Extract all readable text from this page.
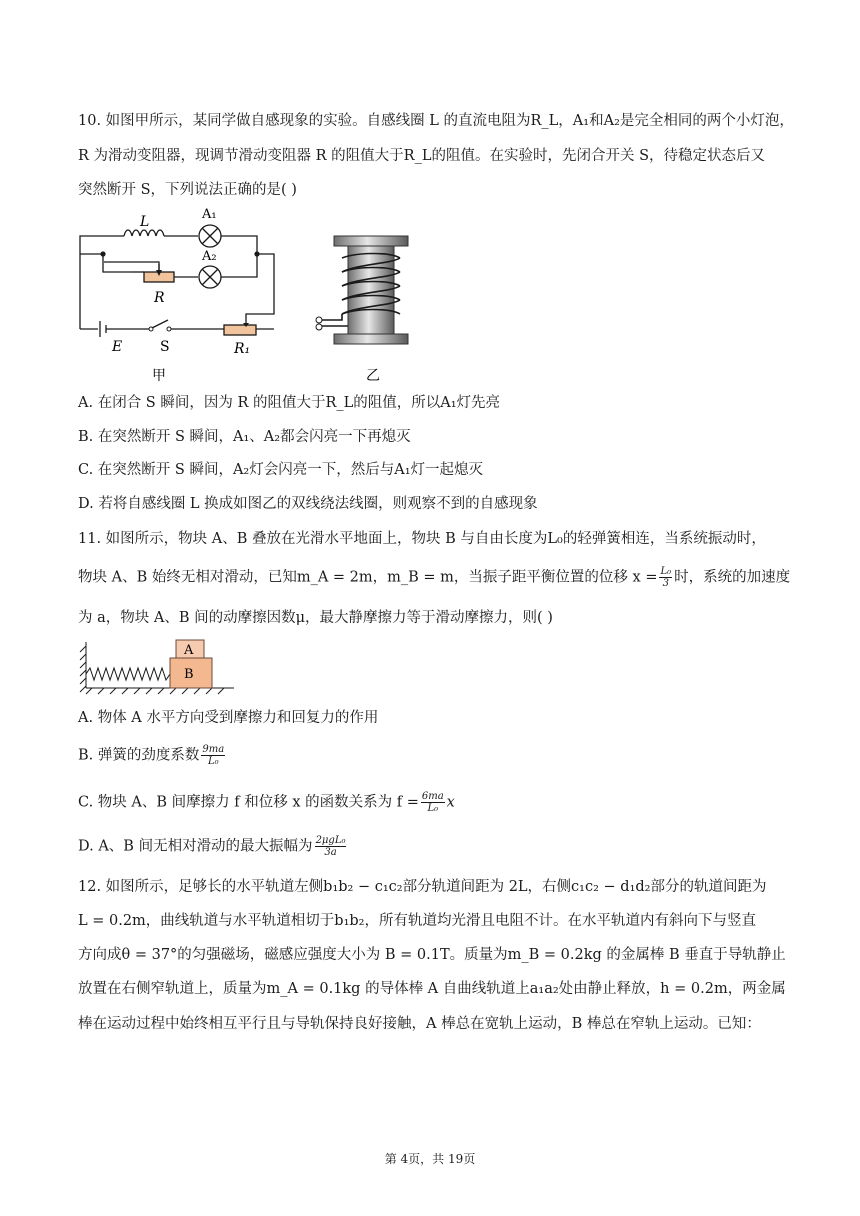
10. 如图甲所示，某同学做自感现象的实验。自感线圈 L 的直流电阻为R_L，A₁和A₂是完全相同的两个小灯泡，
R 为滑动变阻器，现调节滑动变阻器 R 的阻值大于R_L的阻值。在实验时，先闭合开关 S，待稳定状态后又
突然断开 S，下列说法正确的是( )
L	A₁
A₂
R
E	S	R₁
甲	乙
A. 在闭合 S 瞬间，因为 R 的阻值大于R_L的阻值，所以A₁灯先亮
B. 在突然断开 S 瞬间，A₁、A₂都会闪亮一下再熄灭
C. 在突然断开 S 瞬间，A₂灯会闪亮一下，然后与A₁灯一起熄灭
D. 若将自感线圈 L 换成如图乙的双线绕法线圈，则观察不到的自感现象
11. 如图所示，物块 A、B 叠放在光滑水平地面上，物块 B 与自由长度为L₀的轻弹簧相连，当系统振动时，
物块 A、B 始终无相对滑动，已知m_A = 2m，m_B = m，当振子距平衡位置的位移 $x = \frac{\text{L₀}}{3}$ 时，系统的加速度
为 a，物块 A、B 间的动摩擦因数μ，最大静摩擦力等于滑动摩擦力，则( )
A
B
A. 物体 A 水平方向受到摩擦力和回复力的作用
B. 弹簧的劲度系数 $\frac{9ma}{\text{L₀}}$
C. 物块 A、B 间摩擦力 f 和位移 x 的函数关系为 $f = \frac{6ma}{\text{L₀}}$ x
D. A、B 间无相对滑动的最大振幅为 $\frac{\text{2μgL₀}}{3a}$
12. 如图所示，足够长的水平轨道左侧b₁b₂ − c₁c₂部分轨道间距为 2L，右侧c₁c₂ − d₁d₂部分的轨道间距为
L = 0.2m，曲线轨道与水平轨道相切于b₁b₂，所有轨道均光滑且电阻不计。在水平轨道内有斜向下与竖直
方向成θ = 37°的匀强磁场，磁感应强度大小为 B = 0.1T。质量为m_B = 0.2kg 的金属棒 B 垂直于导轨静止
放置在右侧窄轨道上，质量为m_A = 0.1kg 的导体棒 A 自曲线轨道上a₁a₂处由静止释放，h = 0.2m，两金属
棒在运动过程中始终相互平行且与导轨保持良好接触，A 棒总在宽轨上运动，B 棒总在窄轨上运动。已知：
第 4页，共 19页
